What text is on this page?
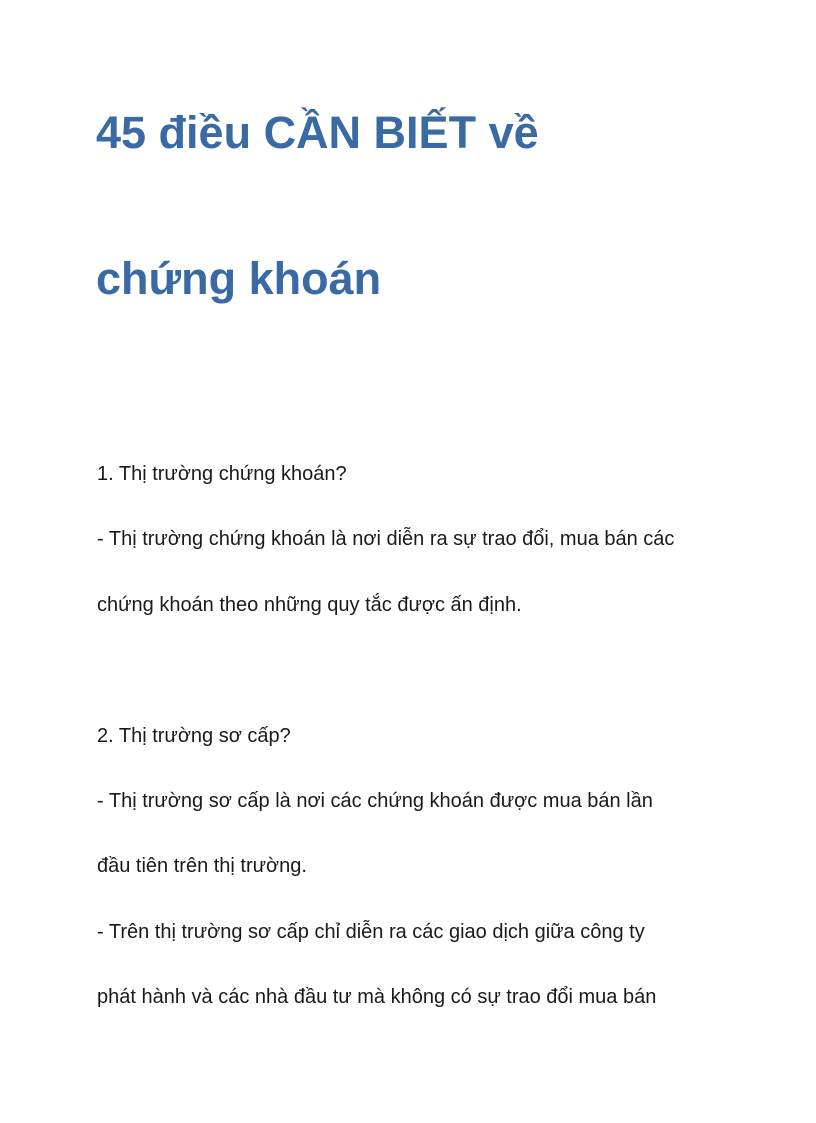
45 điều CẦN BIẾT về
chứng khoán

1. Thị trường chứng khoán?

- Thị trường chứng khoán là nơi diễn ra sự trao đổi, mua bán các

chứng khoán theo những quy tắc được ấn định.

2. Thị trường sơ cấp?

- Thị trường sơ cấp là nơi các chứng khoán được mua bán lần

đầu tiên trên thị trường.

- Trên thị trường sơ cấp chỉ diễn ra các giao dịch giữa công ty

phát hành và các nhà đầu tư mà không có sự trao đổi mua bán
